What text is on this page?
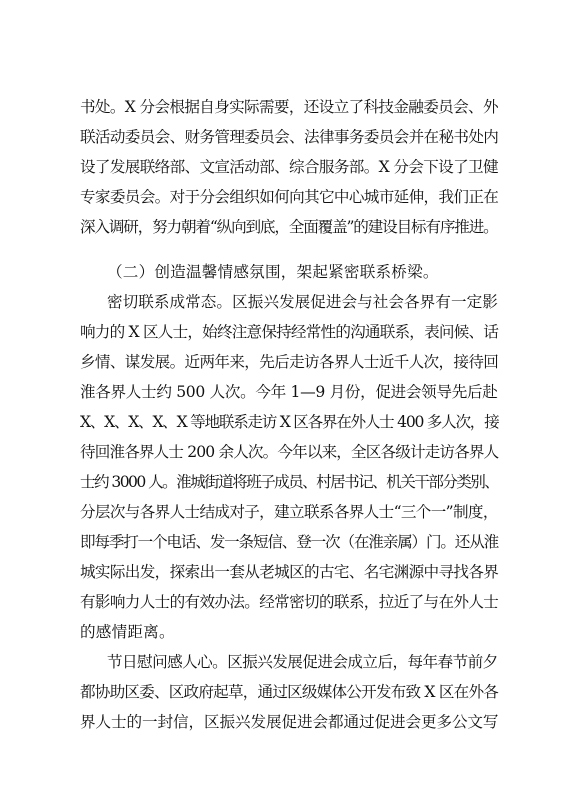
书处。X 分会根据自身实际需要，还设立了科技金融委员会、外
联活动委员会、财务管理委员会、法律事务委员会并在秘书处内
设了发展联络部、文宣活动部、综合服务部。X 分会下设了卫健
专家委员会。对于分会组织如何向其它中心城市延伸，我们正在
深入调研，努力朝着“纵向到底，全面覆盖”的建设目标有序推进。
（二）创造温馨情感氛围，架起紧密联系桥梁。
密切联系成常态。区振兴发展促进会与社会各界有一定影
响力的 X 区人士，始终注意保持经常性的沟通联系，表问候、话
乡情、谋发展。近两年来，先后走访各界人士近千人次，接待回
淮各界人士约 500 人次。今年 1—9 月份，促进会领导先后赴
X、X、X、X、X 等地联系走访 X 区各界在外人士 400 多人次，接
待回淮各界人士 200 余人次。今年以来，全区各级计走访各界人
士约 3000 人。淮城街道将班子成员、村居书记、机关干部分类别、
分层次与各界人士结成对子，建立联系各界人士“三个一”制度，
即每季打一个电话、发一条短信、登一次（在淮亲属）门。还从淮
城实际出发，探索出一套从老城区的古宅、名宅渊源中寻找各界
有影响力人士的有效办法。经常密切的联系，拉近了与在外人士
的感情距离。
节日慰问感人心。区振兴发展促进会成立后，每年春节前夕
都协助区委、区政府起草，通过区级媒体公开发布致 X 区在外各
界人士的一封信，区振兴发展促进会都通过促进会更多公文写
